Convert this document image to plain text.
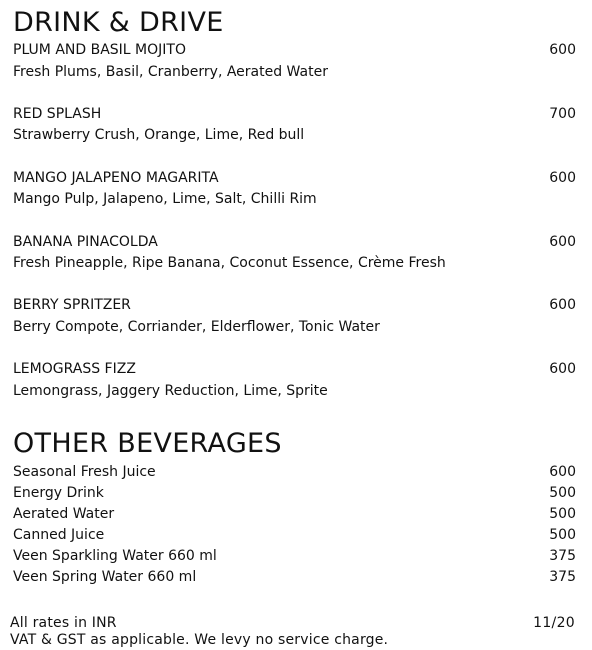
DRINK & DRIVE
PLUM AND BASIL MOJITO	600
Fresh Plums, Basil, Cranberry, Aerated Water
RED SPLASH	700
Strawberry Crush, Orange, Lime, Red bull
MANGO JALAPENO MAGARITA	600
Mango Pulp, Jalapeno, Lime, Salt, Chilli Rim
BANANA PINACOLDA	600
Fresh Pineapple, Ripe Banana, Coconut Essence, Crème Fresh
BERRY SPRITZER	600
Berry Compote, Corriander, Elderflower, Tonic Water
LEMOGRASS FIZZ	600
Lemongrass, Jaggery Reduction, Lime, Sprite
OTHER BEVERAGES
Seasonal Fresh Juice	600
Energy Drink	500
Aerated Water	500
Canned Juice	500
Veen Sparkling Water 660 ml	375
Veen Spring Water 660 ml	375
All rates in INR	11/20
VAT & GST as applicable. We levy no service charge.
